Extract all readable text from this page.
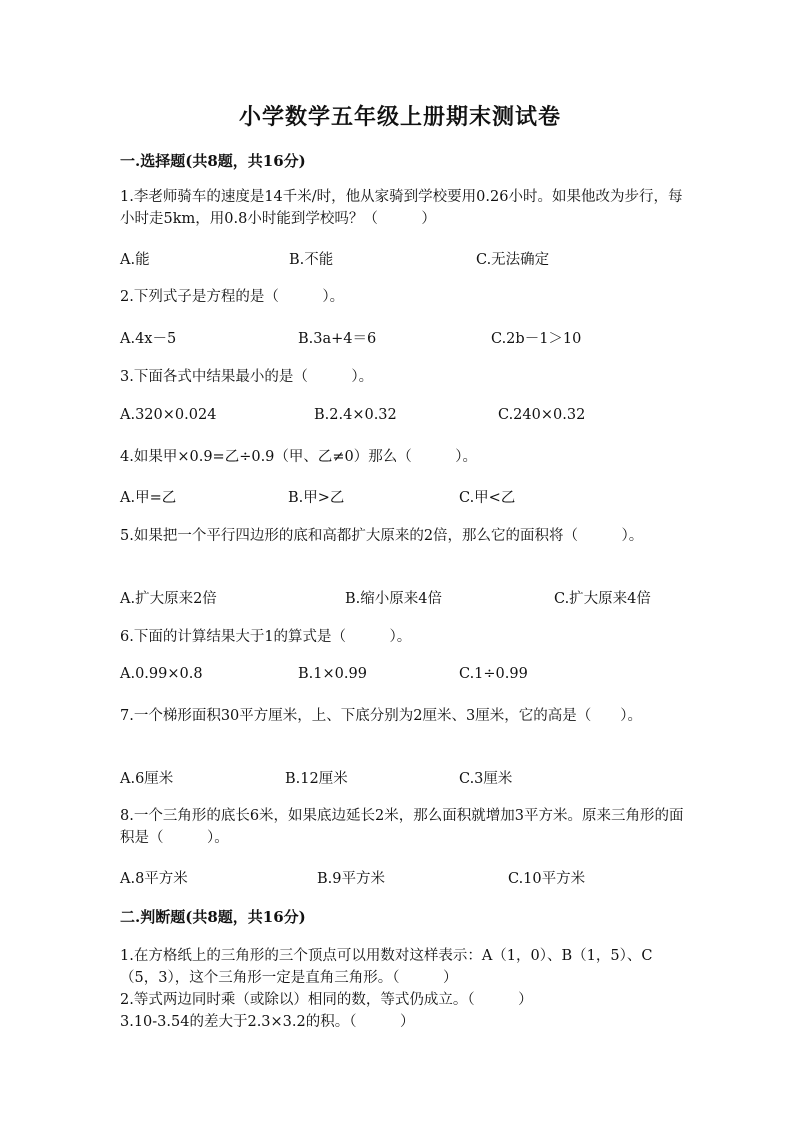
小学数学五年级上册期末测试卷
一.选择题(共8题，共16分)
1.李老师骑车的速度是14千米/时，他从家骑到学校要用0.26小时。如果他改为步行，每小时走5km，用0.8小时能到学校吗？（　　　）
A.能	B.不能	C.无法确定
2.下列式子是方程的是（　　　）。
A.4x－5	B.3a+4＝6	C.2b－1＞10
3.下面各式中结果最小的是（　　　）。
A.320×0.024	B.2.4×0.32	C.240×0.32
4.如果甲×0.9=乙÷0.9（甲、乙≠0）那么（　　　）。
A.甲=乙	B.甲>乙	C.甲<乙
5.如果把一个平行四边形的底和高都扩大原来的2倍，那么它的面积将（　　　）。
A.扩大原来2倍	B.缩小原来4倍	C.扩大原来4倍
6.下面的计算结果大于1的算式是（　　　）。
A.0.99×0.8	B.1×0.99	C.1÷0.99
7.一个梯形面积30平方厘米，上、下底分别为2厘米、3厘米，它的高是（　　）。
A.6厘米	B.12厘米	C.3厘米
8.一个三角形的底长6米，如果底边延长2米，那么面积就增加3平方米。原来三角形的面积是（　　　）。
A.8平方米	B.9平方米	C.10平方米
二.判断题(共8题，共16分)
1.在方格纸上的三角形的三个顶点可以用数对这样表示：A（1，0）、B（1，5）、C（5，3），这个三角形一定是直角三角形。（　　　）
2.等式两边同时乘（或除以）相同的数，等式仍成立。（　　　）
3.10-3.54的差大于2.3×3.2的积。（　　　）
